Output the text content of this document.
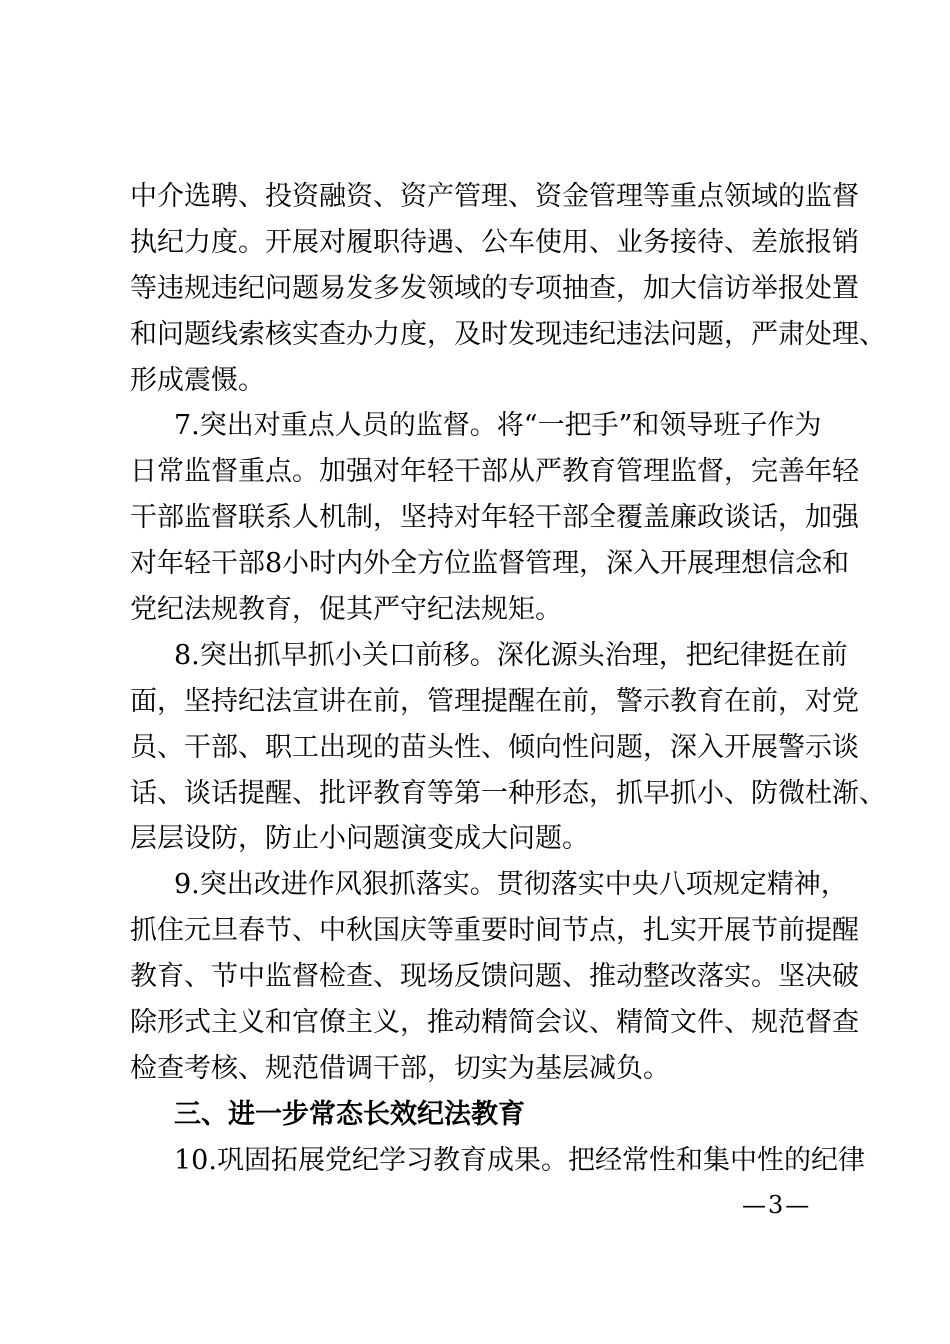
中介选聘、投资融资、资产管理、资金管理等重点领域的监督
执纪力度。开展对履职待遇、公车使用、业务接待、差旅报销
等违规违纪问题易发多发领域的专项抽查，加大信访举报处置
和问题线索核实查办力度，及时发现违纪违法问题，严肃处理、
形成震慑。
7.突出对重点人员的监督。将“一把手”和领导班子作为
日常监督重点。加强对年轻干部从严教育管理监督，完善年轻
干部监督联系人机制，坚持对年轻干部全覆盖廉政谈话，加强
对年轻干部8小时内外全方位监督管理，深入开展理想信念和
党纪法规教育，促其严守纪法规矩。
8.突出抓早抓小关口前移。深化源头治理，把纪律挺在前
面，坚持纪法宣讲在前，管理提醒在前，警示教育在前，对党
员、干部、职工出现的苗头性、倾向性问题，深入开展警示谈
话、谈话提醒、批评教育等第一种形态，抓早抓小、防微杜渐、
层层设防，防止小问题演变成大问题。
9.突出改进作风狠抓落实。贯彻落实中央八项规定精神，
抓住元旦春节、中秋国庆等重要时间节点，扎实开展节前提醒
教育、节中监督检查、现场反馈问题、推动整改落实。坚决破
除形式主义和官僚主义，推动精简会议、精简文件、规范督查
检查考核、规范借调干部，切实为基层减负。
三、进一步常态长效纪法教育
10.巩固拓展党纪学习教育成果。把经常性和集中性的纪律
—3—
